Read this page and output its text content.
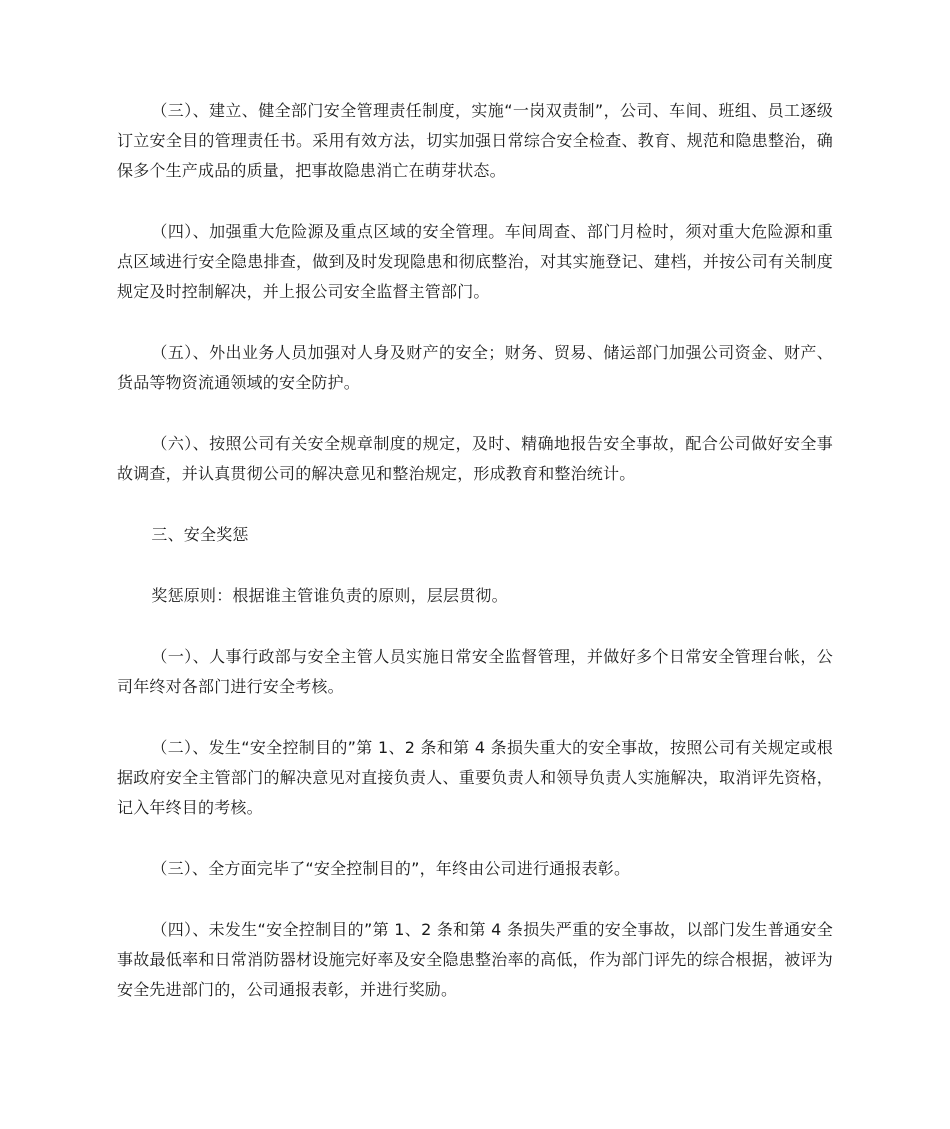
（三）、建立、健全部门安全管理责任制度，实施“一岗双责制”，公司、车间、班组、员工逐级订立安全目的管理责任书。采用有效方法，切实加强日常综合安全检查、教育、规范和隐患整治，确保多个生产成品的质量，把事故隐患消亡在萌芽状态。

（四）、加强重大危险源及重点区域的安全管理。车间周查、部门月检时，须对重大危险源和重点区域进行安全隐患排查，做到及时发现隐患和彻底整治，对其实施登记、建档，并按公司有关制度规定及时控制解决，并上报公司安全监督主管部门。

（五）、外出业务人员加强对人身及财产的安全；财务、贸易、储运部门加强公司资金、财产、货品等物资流通领域的安全防护。

（六）、按照公司有关安全规章制度的规定，及时、精确地报告安全事故，配合公司做好安全事故调查，并认真贯彻公司的解决意见和整治规定，形成教育和整治统计。

三、安全奖惩

奖惩原则：根据谁主管谁负责的原则，层层贯彻。

（一）、人事行政部与安全主管人员实施日常安全监督管理，并做好多个日常安全管理台帐，公司年终对各部门进行安全考核。

（二）、发生“安全控制目的”第 1、2 条和第 4 条损失重大的安全事故，按照公司有关规定或根据政府安全主管部门的解决意见对直接负责人、重要负责人和领导负责人实施解决，取消评先资格，记入年终目的考核。

（三）、全方面完毕了“安全控制目的”，年终由公司进行通报表彰。

（四）、未发生“安全控制目的”第 1、2 条和第 4 条损失严重的安全事故，以部门发生普通安全事故最低率和日常消防器材设施完好率及安全隐患整治率的高低，作为部门评先的综合根据，被评为安全先进部门的，公司通报表彰，并进行奖励。
